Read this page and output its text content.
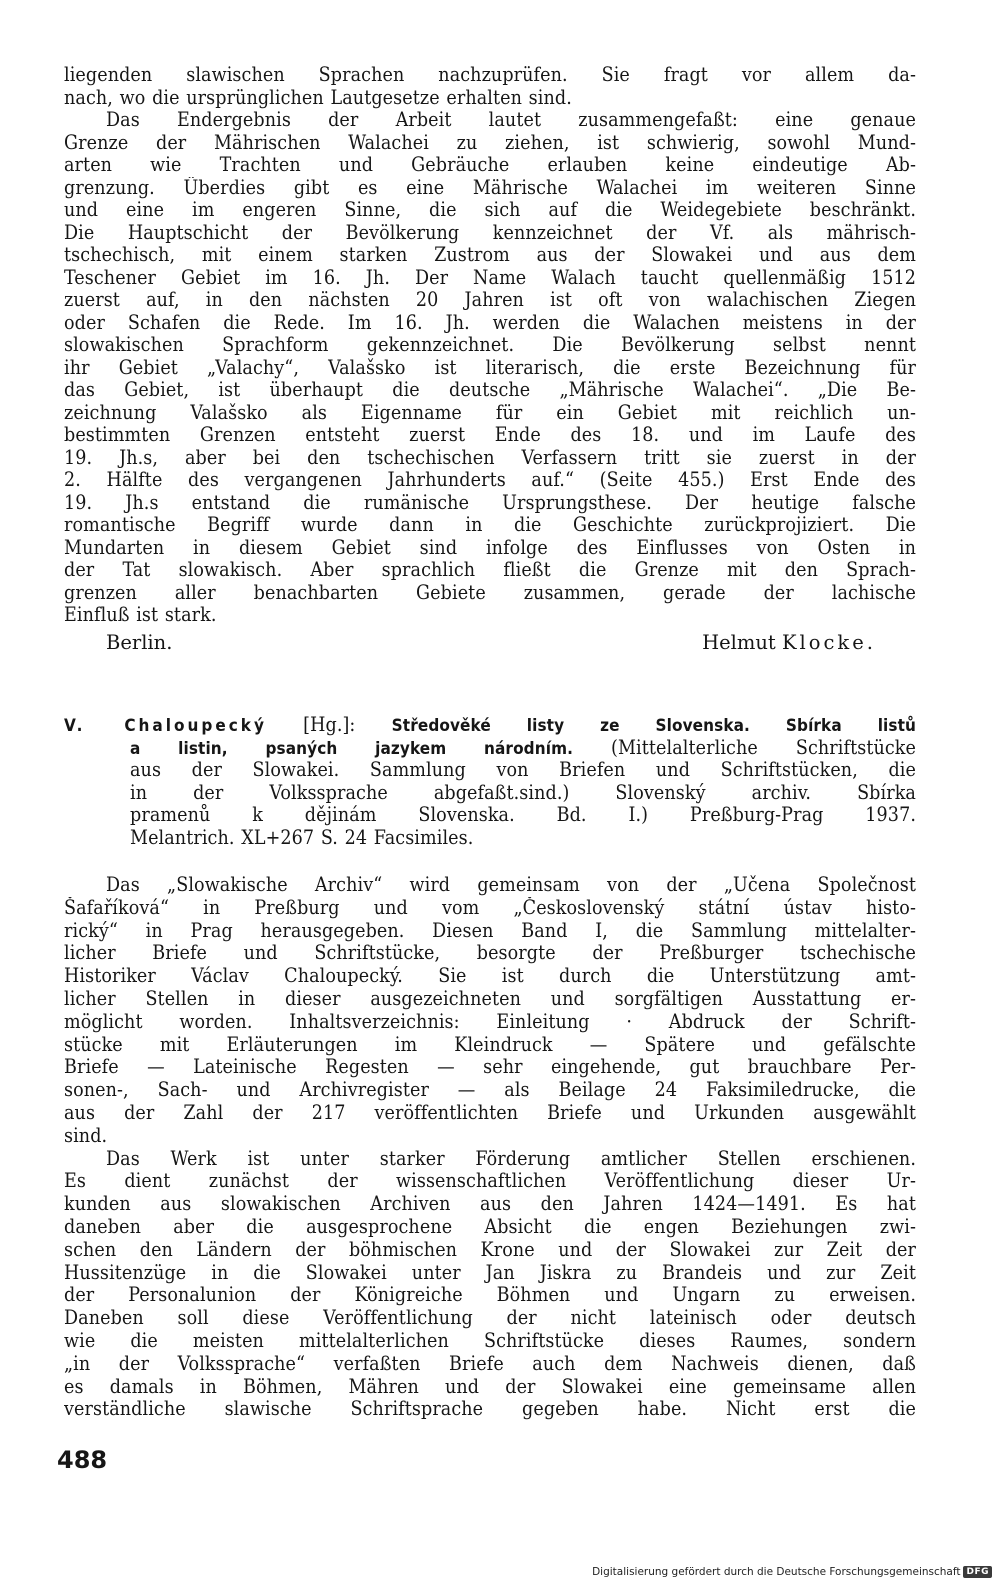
liegenden slawischen Sprachen nachzuprüfen. Sie fragt vor allem da-
nach, wo die ursprünglichen Lautgesetze erhalten sind.
Das Endergebnis der Arbeit lautet zusammengefaßt: eine genaue
Grenze der Mährischen Walachei zu ziehen, ist schwierig, sowohl Mund-
arten wie Trachten und Gebräuche erlauben keine eindeutige Ab-
grenzung. Überdies gibt es eine Mährische Walachei im weiteren Sinne
und eine im engeren Sinne, die sich auf die Weidegebiete beschränkt.
Die Hauptschicht der Bevölkerung kennzeichnet der Vf. als mährisch-
tschechisch, mit einem starken Zustrom aus der Slowakei und aus dem
Teschener Gebiet im 16. Jh. Der Name Walach taucht quellenmäßig 1512
zuerst auf, in den nächsten 20 Jahren ist oft von walachischen Ziegen
oder Schafen die Rede. Im 16. Jh. werden die Walachen meistens in der
slowakischen Sprachform gekennzeichnet. Die Bevölkerung selbst nennt
ihr Gebiet „Valachy“, Valašsko ist literarisch, die erste Bezeichnung für
das Gebiet, ist überhaupt die deutsche „Mährische Walachei“. „Die Be-
zeichnung Valašsko als Eigenname für ein Gebiet mit reichlich un-
bestimmten Grenzen entsteht zuerst Ende des 18. und im Laufe des
19. Jh.s, aber bei den tschechischen Verfassern tritt sie zuerst in der
2. Hälfte des vergangenen Jahrhunderts auf.“ (Seite 455.) Erst Ende des
19. Jh.s entstand die rumänische Ursprungsthese. Der heutige falsche
romantische Begriff wurde dann in die Geschichte zurückprojiziert. Die
Mundarten in diesem Gebiet sind infolge des Einflusses von Osten in
der Tat slowakisch. Aber sprachlich fließt die Grenze mit den Sprach-
grenzen aller benachbarten Gebiete zusammen, gerade der lachische
Einfluß ist stark.
Berlin.	Helmut Klocke.
V. Chaloupecký [Hg.]: Středověké listy ze Slovenska. Sbírka listů
a listin, psaných jazykem národním. (Mittelalterliche Schriftstücke
aus der Slowakei. Sammlung von Briefen und Schriftstücken, die
in der Volkssprache abgefaßt.sind.) Slovenský archiv. Sbírka
pramenů k dějinám Slovenska. Bd. I.) Preßburg-Prag 1937.
Melantrich. XL+267 S. 24 Facsimiles.
Das „Slowakische Archiv“ wird gemeinsam von der „Učena Společnost
Šafaříková“ in Preßburg und vom „Československý státní ústav histo-
rický“ in Prag herausgegeben. Diesen Band I, die Sammlung mittelalter-
licher Briefe und Schriftstücke, besorgte der Preßburger tschechische
Historiker Václav Chaloupecký. Sie ist durch die Unterstützung amt-
licher Stellen in dieser ausgezeichneten und sorgfältigen Ausstattung er-
möglicht worden. Inhaltsverzeichnis: Einleitung · Abdruck der Schrift-
stücke mit Erläuterungen im Kleindruck — Spätere und gefälschte
Briefe — Lateinische Regesten — sehr eingehende, gut brauchbare Per-
sonen-, Sach- und Archivregister — als Beilage 24 Faksimiledrucke, die
aus der Zahl der 217 veröffentlichten Briefe und Urkunden ausgewählt
sind.
Das Werk ist unter starker Förderung amtlicher Stellen erschienen.
Es dient zunächst der wissenschaftlichen Veröffentlichung dieser Ur-
kunden aus slowakischen Archiven aus den Jahren 1424—1491. Es hat
daneben aber die ausgesprochene Absicht die engen Beziehungen zwi-
schen den Ländern der böhmischen Krone und der Slowakei zur Zeit der
Hussitenzüge in die Slowakei unter Jan Jiskra zu Brandeis und zur Zeit
der Personalunion der Königreiche Böhmen und Ungarn zu erweisen.
Daneben soll diese Veröffentlichung der nicht lateinisch oder deutsch
wie die meisten mittelalterlichen Schriftstücke dieses Raumes, sondern
„in der Volkssprache“ verfaßten Briefe auch dem Nachweis dienen, daß
es damals in Böhmen, Mähren und der Slowakei eine gemeinsame allen
verständliche slawische Schriftsprache gegeben habe. Nicht erst die
488
Digitalisierung gefördert durch die Deutsche Forschungsgemeinschaft DFG
